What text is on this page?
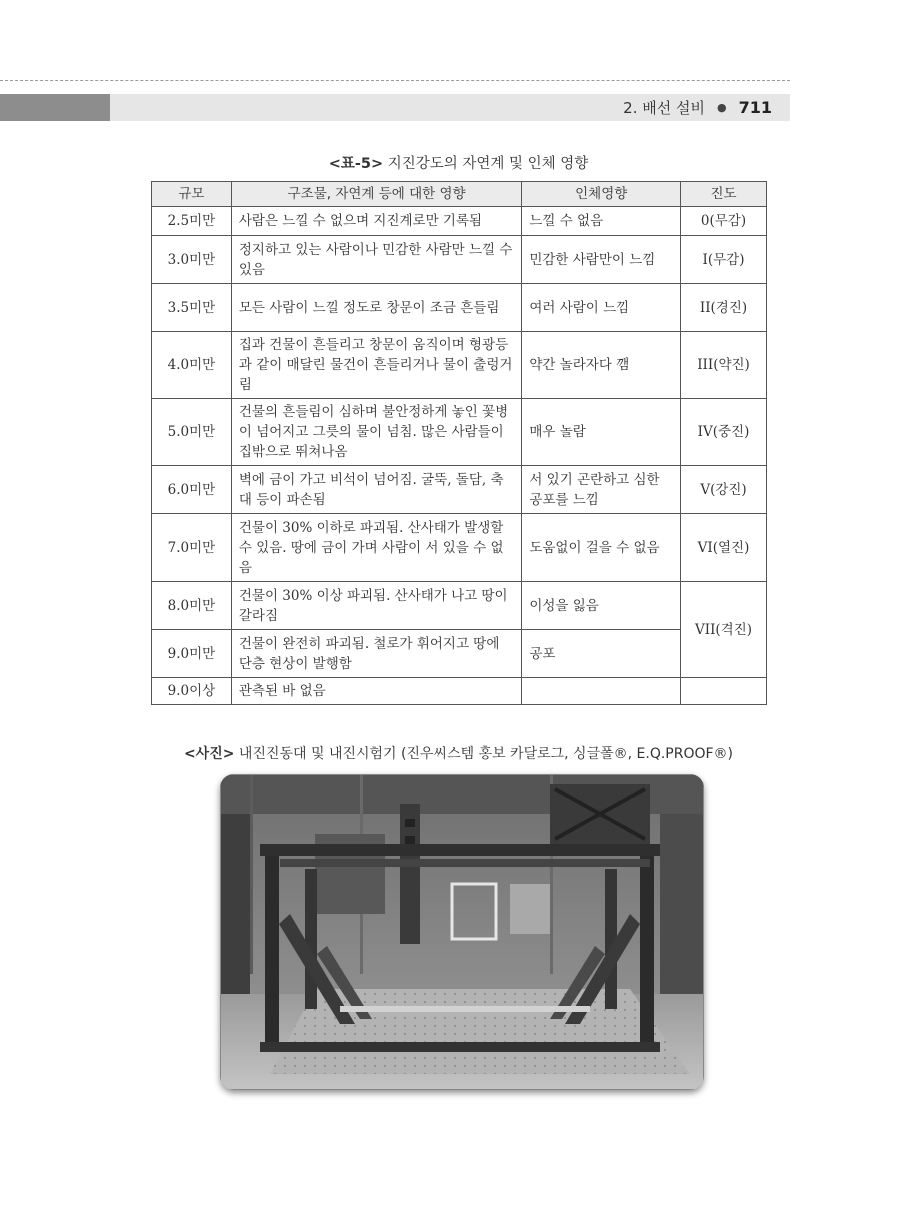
2. 배선 설비 ● 711
<표-5> 지진강도의 자연계 및 인체 영향
규모	구조물, 자연계 등에 대한 영향	인체영향	진도
2.5미만	사람은 느낄 수 없으며 지진계로만 기록됨	느낄 수 없음	0(무감)
3.0미만	정지하고 있는 사람이나 민감한 사람만 느낄 수 있음	민감한 사람만이 느낌	I(무감)
3.5미만	모든 사람이 느낄 정도로 창문이 조금 흔들림	여러 사람이 느낌	II(경진)
4.0미만	집과 건물이 흔들리고 창문이 움직이며 형광등과 같이 매달린 물건이 흔들리거나 물이 출렁거림	약간 놀라자다 깸	III(약진)
5.0미만	건물의 흔들림이 심하며 불안정하게 놓인 꽃병이 넘어지고 그릇의 물이 넘침. 많은 사람들이 집밖으로 뛰쳐나옴	매우 놀람	IV(중진)
6.0미만	벽에 금이 가고 비석이 넘어짐. 굴뚝, 돌담, 축대 등이 파손됨	서 있기 곤란하고 심한 공포를 느낌	V(강진)
7.0미만	건물이 30% 이하로 파괴됨. 산사태가 발생할 수 있음. 땅에 금이 가며 사람이 서 있을 수 없음	도움없이 걸을 수 없음	VI(열진)
8.0미만	건물이 30% 이상 파괴됨. 산사태가 나고 땅이 갈라짐	이성을 잃음	VII(격진)
9.0미만	건물이 완전히 파괴됨. 철로가 휘어지고 땅에 단층 현상이 발행함	공포	
9.0이상	관측된 바 없음		
<사진> 내진진동대 및 내진시험기 (진우씨스템 홍보 카달로그, 싱글폴®, E.Q.PROOF®)
